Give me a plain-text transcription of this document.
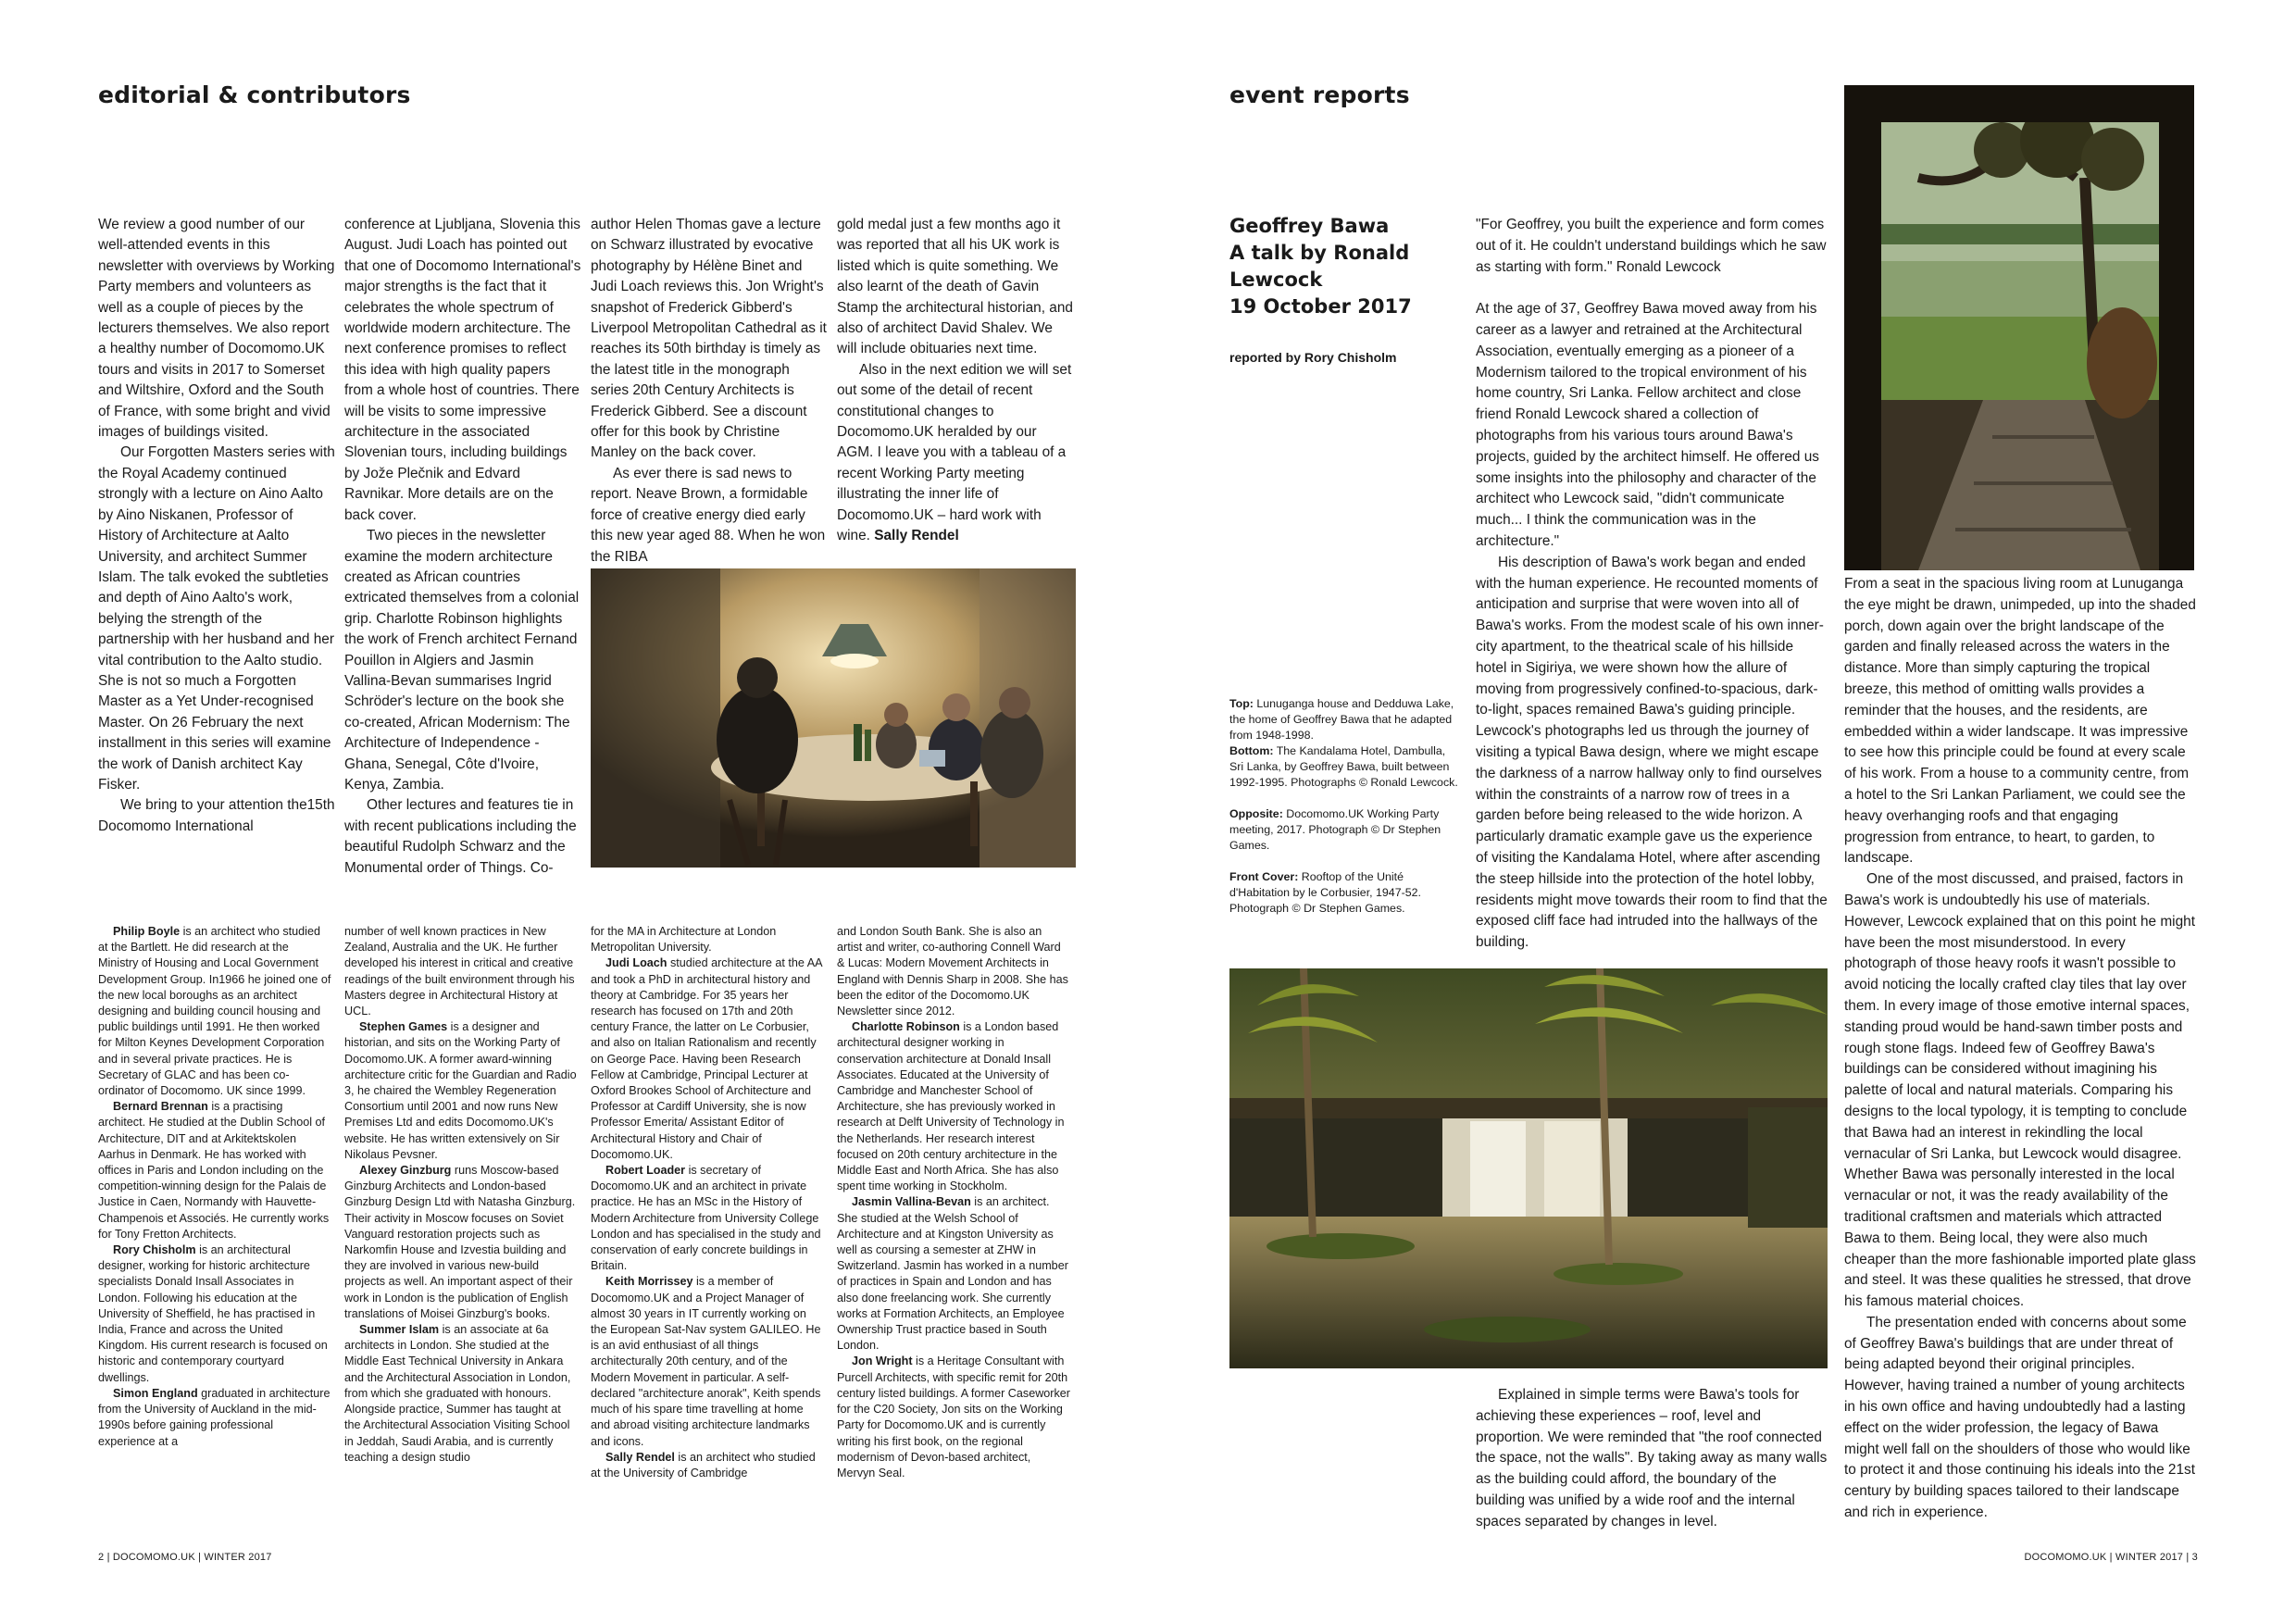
editorial & contributors

We review a good number of our well-attended events in this newsletter with overviews by Working Party members and volunteers as well as a couple of pieces by the lecturers themselves. We also report a healthy number of Docomomo.UK tours and visits in 2017 to Somerset and Wiltshire, Oxford and the South of France, with some bright and vivid images of buildings visited.

Our Forgotten Masters series with the Royal Academy continued strongly with a lecture on Aino Aalto by Aino Niskanen, Professor of History of Architecture at Aalto University, and architect Summer Islam. The talk evoked the subtleties and depth of Aino Aalto's work, belying the strength of the partnership with her husband and her vital contribution to the Aalto studio. She is not so much a Forgotten Master as a Yet Under-recognised Master. On 26 February the next installment in this series will examine the work of Danish architect Kay Fisker.

We bring to your attention the15th Docomomo International

conference at Ljubljana, Slovenia this August. Judi Loach has pointed out that one of Docomomo International's major strengths is the fact that it celebrates the whole spectrum of worldwide modern architecture. The next conference promises to reflect this idea with high quality papers from a whole host of countries. There will be visits to some impressive architecture in the associated Slovenian tours, including buildings by Jože Plečnik and Edvard Ravnikar. More details are on the back cover.

Two pieces in the newsletter examine the modern architecture created as African countries extricated themselves from a colonial grip. Charlotte Robinson highlights the work of French architect Fernand Pouillon in Algiers and Jasmin Vallina-Bevan summarises Ingrid Schröder's lecture on the book she co-created, African Modernism: The Architecture of Independence - Ghana, Senegal, Côte d'Ivoire, Kenya, Zambia.

Other lectures and features tie in with recent publications including the beautiful Rudolph Schwarz and the Monumental order of Things. Co-

author Helen Thomas gave a lecture on Schwarz illustrated by evocative photography by Hélène Binet and Judi Loach reviews this. Jon Wright's snapshot of Frederick Gibberd's Liverpool Metropolitan Cathedral as it reaches its 50th birthday is timely as the latest title in the monograph series 20th Century Architects is Frederick Gibberd. See a discount offer for this book by Christine Manley on the back cover.

As ever there is sad news to report. Neave Brown, a formidable force of creative energy died early this new year aged 88. When he won the RIBA

gold medal just a few months ago it was reported that all his UK work is listed which is quite something. We also learnt of the death of Gavin Stamp the architectural historian, and also of architect David Shalev. We will include obituaries next time.

Also in the next edition we will set out some of the detail of recent constitutional changes to Docomomo.UK heralded by our AGM. I leave you with a tableau of a recent Working Party meeting illustrating the inner life of Docomomo.UK – hard work with wine. Sally Rendel

Philip Boyle is an architect who studied at the Bartlett. He did research at the Ministry of Housing and Local Government Development Group. In1966 he joined one of the new local boroughs as an architect designing and building council housing and public buildings until 1991. He then worked for Milton Keynes Development Corporation and in several private practices. He is Secretary of GLAC and has been co-ordinator of Docomomo. UK since 1999.

Bernard Brennan is a practising architect. He studied at the Dublin School of Architecture, DIT and at Arkitektskolen Aarhus in Denmark. He has worked with offices in Paris and London including on the competition-winning design for the Palais de Justice in Caen, Normandy with Hauvette-Champenois et Associés. He currently works for Tony Fretton Architects.

Rory Chisholm is an architectural designer, working for historic architecture specialists Donald Insall Associates in London. Following his education at the University of Sheffield, he has practised in India, France and across the United Kingdom. His current research is focused on historic and contemporary courtyard dwellings.

Simon England graduated in architecture from the University of Auckland in the mid-1990s before gaining professional experience at a

number of well known practices in New Zealand, Australia and the UK. He further developed his interest in critical and creative readings of the built environment through his Masters degree in Architectural History at UCL.

Stephen Games is a designer and historian, and sits on the Working Party of Docomomo.UK. A former award-winning architecture critic for the Guardian and Radio 3, he chaired the Wembley Regeneration Consortium until 2001 and now runs New Premises Ltd and edits Docomomo.UK's website. He has written extensively on Sir Nikolaus Pevsner.

Alexey Ginzburg runs Moscow-based Ginzburg Architects and London-based Ginzburg Design Ltd with Natasha Ginzburg. Their activity in Moscow focuses on Soviet Vanguard restoration projects such as Narkomfin House and Izvestia building and they are involved in various new-build projects as well. An important aspect of their work in London is the publication of English translations of Moisei Ginzburg's books.

Summer Islam is an associate at 6a architects in London. She studied at the Middle East Technical University in Ankara and the Architectural Association in London, from which she graduated with honours. Alongside practice, Summer has taught at the Architectural Association Visiting School in Jeddah, Saudi Arabia, and is currently teaching a design studio

for the MA in Architecture at London Metropolitan University.

Judi Loach studied architecture at the AA and took a PhD in architectural history and theory at Cambridge. For 35 years her research has focused on 17th and 20th century France, the latter on Le Corbusier, and also on Italian Rationalism and recently on George Pace. Having been Research Fellow at Cambridge, Principal Lecturer at Oxford Brookes School of Architecture and Professor at Cardiff University, she is now Professor Emerita/ Assistant Editor of Architectural History and Chair of Docomomo.UK.

Robert Loader is secretary of Docomomo.UK and an architect in private practice. He has an MSc in the History of Modern Architecture from University College London and has specialised in the study and conservation of early concrete buildings in Britain.

Keith Morrissey is a member of Docomomo.UK and a Project Manager of almost 30 years in IT currently working on the European Sat-Nav system GALILEO. He is an avid enthusiast of all things architecturally 20th century, and of the Modern Movement in particular. A self-declared "architecture anorak", Keith spends much of his spare time travelling at home and abroad visiting architecture landmarks and icons.

Sally Rendel is an architect who studied at the University of Cambridge

and London South Bank. She is also an artist and writer, co-authoring Connell Ward & Lucas: Modern Movement Architects in England with Dennis Sharp in 2008. She has been the editor of the Docomomo.UK Newsletter since 2012.

Charlotte Robinson is a London based architectural designer working in conservation architecture at Donald Insall Associates. Educated at the University of Cambridge and Manchester School of Architecture, she has previously worked in research at Delft University of Technology in the Netherlands. Her research interest focused on 20th century architecture in the Middle East and North Africa. She has also spent time working in Stockholm.

Jasmin Vallina-Bevan is an architect. She studied at the Welsh School of Architecture and at Kingston University as well as coursing a semester at ZHW in Switzerland. Jasmin has worked in a number of practices in Spain and London and has also done freelancing work. She currently works at Formation Architects, an Employee Ownership Trust practice based in South London.

Jon Wright is a Heritage Consultant with Purcell Architects, with specific remit for 20th century listed buildings. A former Caseworker for the C20 Society, Jon sits on the Working Party for Docomomo.UK and is currently writing his first book, on the regional modernism of Devon-based architect, Mervyn Seal.

2 | DOCOMOMO.UK | WINTER 2017
event reports
Geoffrey Bawa
A talk by Ronald
Lewcock
19 October 2017
reported by Rory Chisholm

Top: Lunuganga house and Dedduwa Lake, the home of Geoffrey Bawa that he adapted from 1948-1998.

Bottom: The Kandalama Hotel, Dambulla, Sri Lanka, by Geoffrey Bawa, built between 1992-1995. Photographs © Ronald Lewcock.

Opposite: Docomomo.UK Working Party meeting, 2017. Photograph © Dr Stephen Games.

Front Cover: Rooftop of the Unité d'Habitation by le Corbusier, 1947-52. Photograph © Dr Stephen Games.

"For Geoffrey, you built the experience and form comes out of it. He couldn't understand buildings which he saw as starting with form." Ronald Lewcock

At the age of 37, Geoffrey Bawa moved away from his career as a lawyer and retrained at the Architectural Association, eventually emerging as a pioneer of a Modernism tailored to the tropical environment of his home country, Sri Lanka. Fellow architect and close friend Ronald Lewcock shared a collection of photographs from his various tours around Bawa's projects, guided by the architect himself. He offered us some insights into the philosophy and character of the architect who Lewcock said, "didn't communicate much... I think the communication was in the architecture."

His description of Bawa's work began and ended with the human experience. He recounted moments of anticipation and surprise that were woven into all of Bawa's works. From the modest scale of his own inner-city apartment, to the theatrical scale of his hillside hotel in Sigiriya, we were shown how the allure of moving from progressively confined-to-spacious, dark-to-light, spaces remained Bawa's guiding principle. Lewcock's photographs led us through the journey of visiting a typical Bawa design, where we might escape the darkness of a narrow hallway only to find ourselves within the constraints of a narrow row of trees in a garden before being released to the wide horizon. A particularly dramatic example gave us the experience of visiting the Kandalama Hotel, where after ascending the steep hillside into the protection of the hotel lobby, residents might move towards their room to find that the exposed cliff face had intruded into the hallways of the building.

Explained in simple terms were Bawa's tools for achieving these experiences – roof, level and proportion. We were reminded that "the roof connected the space, not the walls". By taking away as many walls as the building could afford, the boundary of the building was unified by a wide roof and the internal spaces separated by changes in level.

From a seat in the spacious living room at Lunuganga the eye might be drawn, unimpeded, up into the shaded porch, down again over the bright landscape of the garden and finally released across the waters in the distance. More than simply capturing the tropical breeze, this method of omitting walls provides a reminder that the houses, and the residents, are embedded within a wider landscape. It was impressive to see how this principle could be found at every scale of his work. From a house to a community centre, from a hotel to the Sri Lankan Parliament, we could see the heavy overhanging roofs and that engaging progression from entrance, to heart, to garden, to landscape.

One of the most discussed, and praised, factors in Bawa's work is undoubtedly his use of materials. However, Lewcock explained that on this point he might have been the most misunderstood. In every photograph of those heavy roofs it wasn't possible to avoid noticing the locally crafted clay tiles that lay over them. In every image of those emotive internal spaces, standing proud would be hand-sawn timber posts and rough stone flags. Indeed few of Geoffrey Bawa's buildings can be considered without imagining his palette of local and natural materials. Comparing his designs to the local typology, it is tempting to conclude that Bawa had an interest in rekindling the local vernacular of Sri Lanka, but Lewcock would disagree. Whether Bawa was personally interested in the local vernacular or not, it was the ready availability of the traditional craftsmen and materials which attracted Bawa to them. Being local, they were also much cheaper than the more fashionable imported plate glass and steel. It was these qualities he stressed, that drove his famous material choices.

The presentation ended with concerns about some of Geoffrey Bawa's buildings that are under threat of being adapted beyond their original principles. However, having trained a number of young architects in his own office and having undoubtedly had a lasting effect on the wider profession, the legacy of Bawa might well fall on the shoulders of those who would like to protect it and those continuing his ideals into the 21st century by building spaces tailored to their landscape and rich in experience.

DOCOMOMO.UK | WINTER 2017 | 3
